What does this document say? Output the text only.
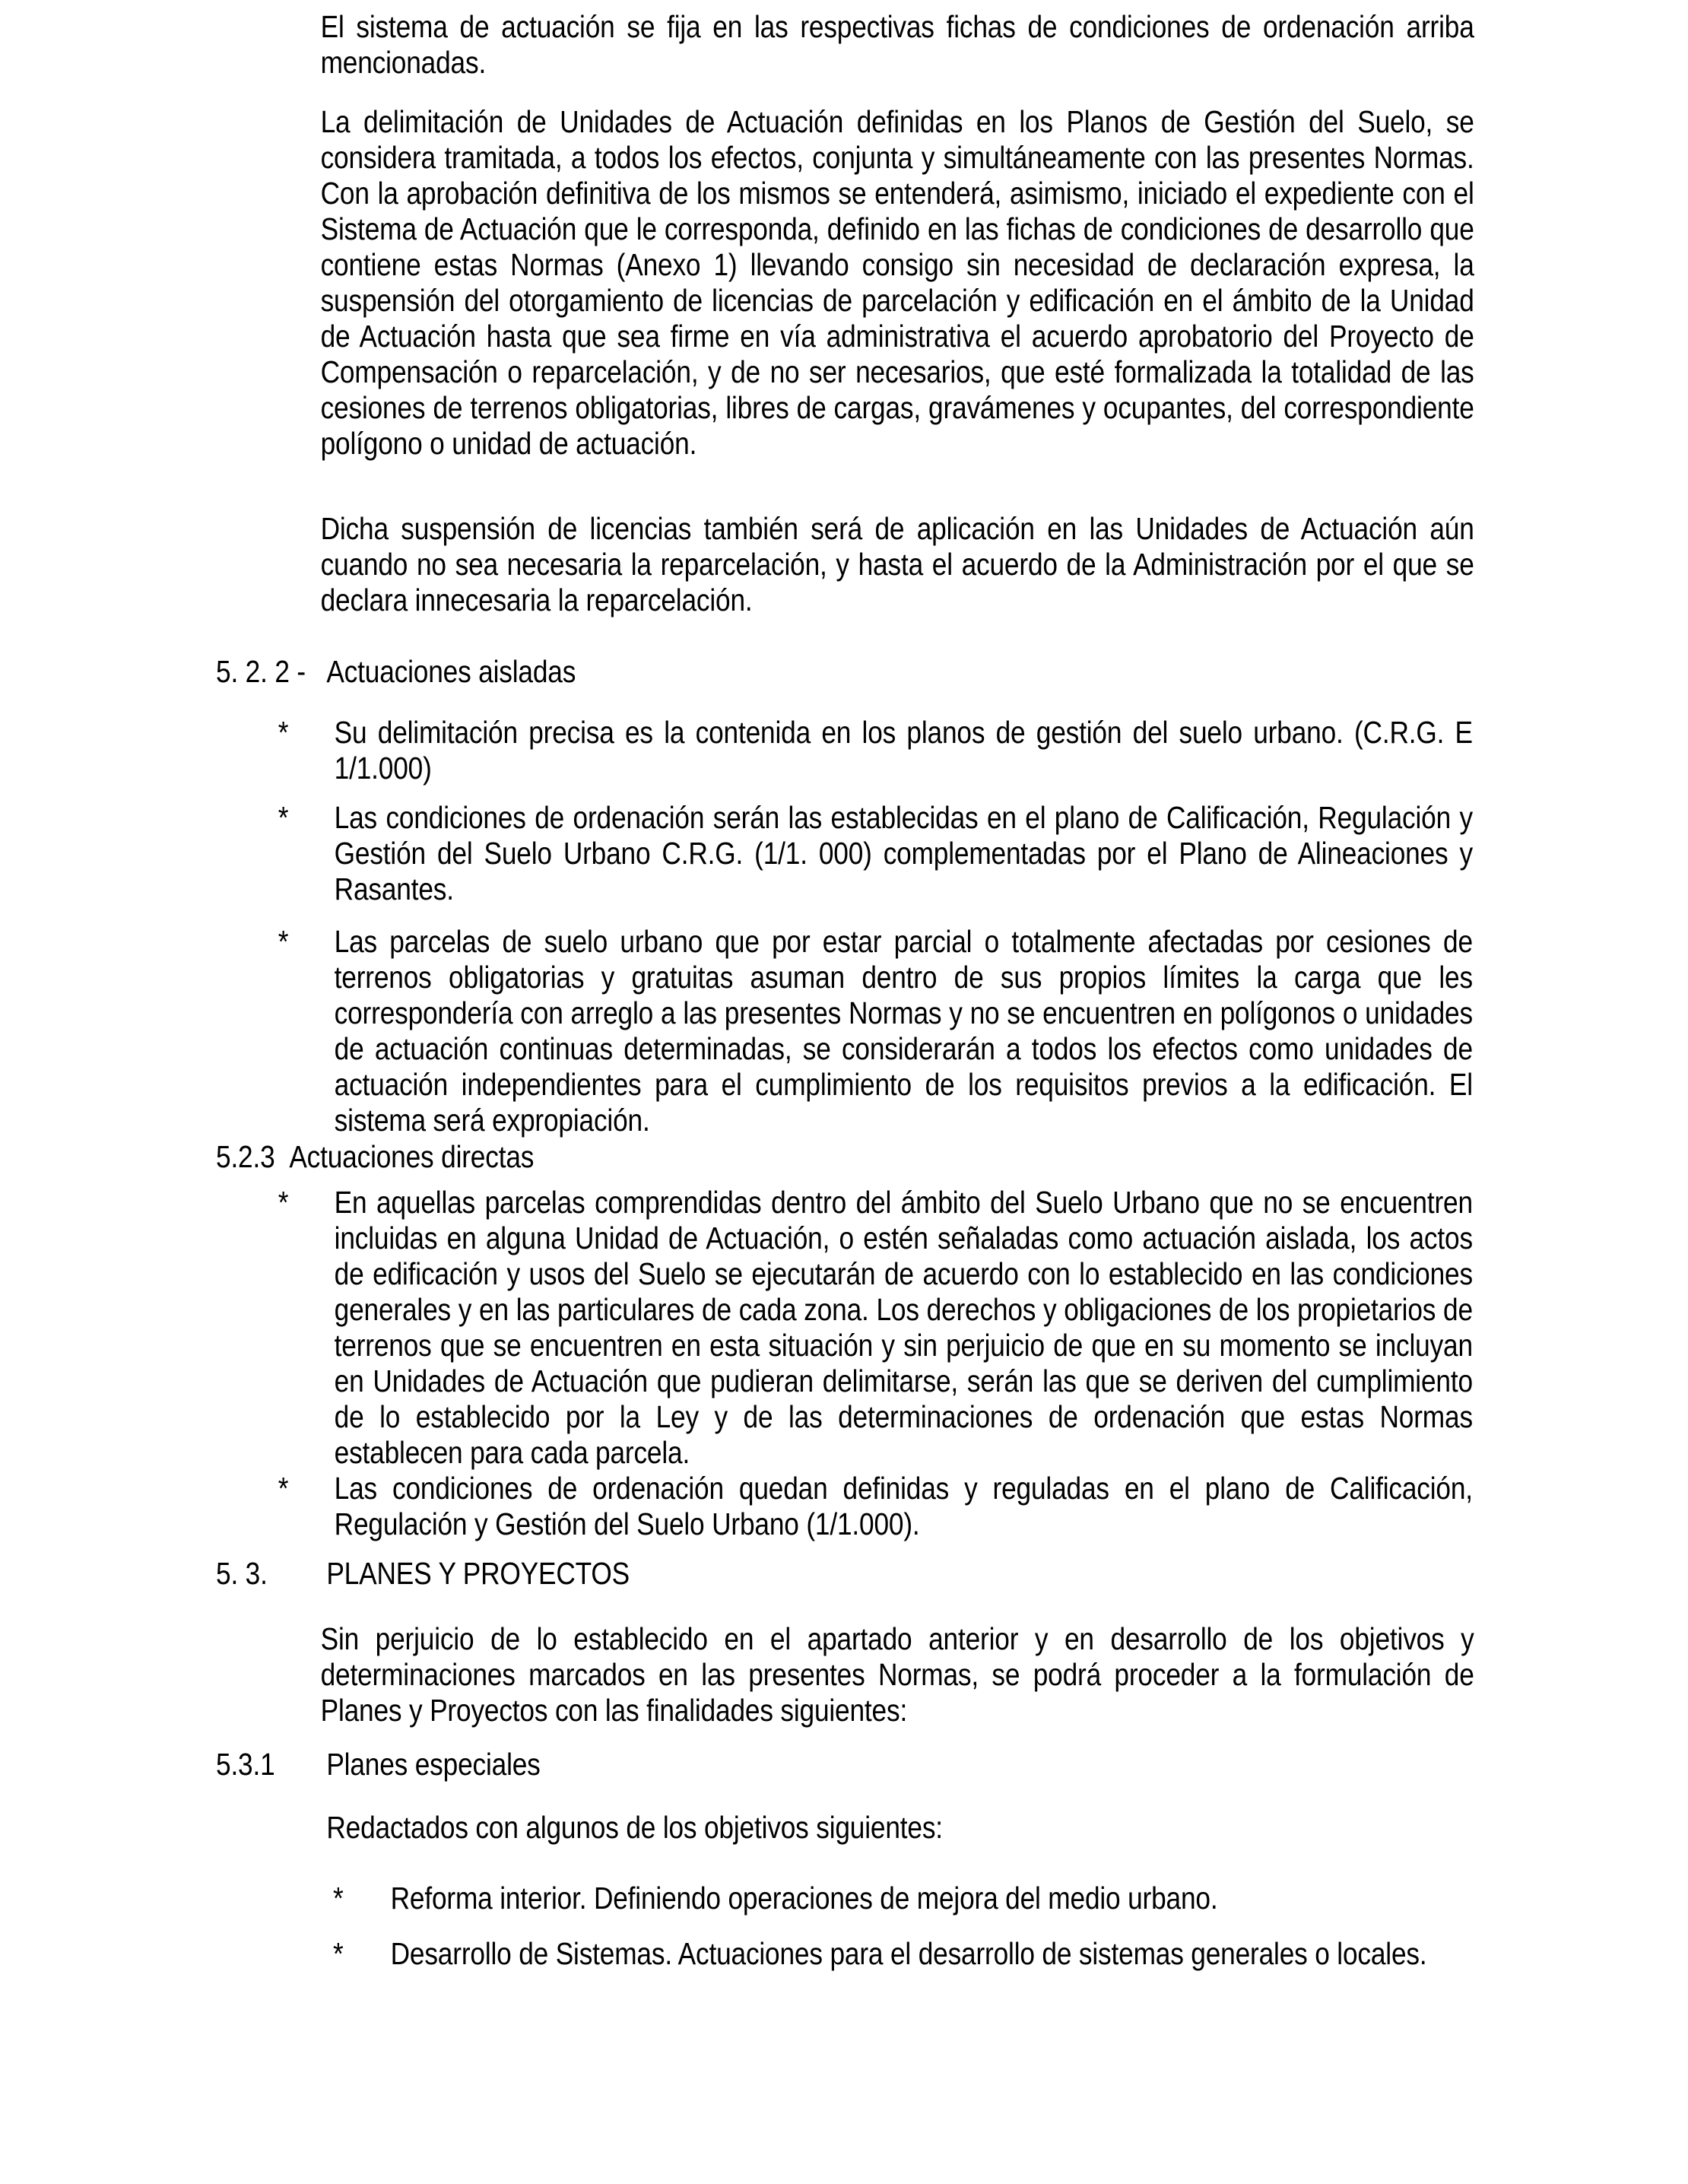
El sistema de actuación se fija en las respectivas fichas de condiciones de ordenación arriba mencionadas.
La delimitación de Unidades de Actuación definidas en los Planos de Gestión del Suelo, se considera tramitada, a todos los efectos, conjunta y simultáneamente con las presentes Normas. Con la aprobación definitiva de los mismos se entenderá, asimismo, iniciado el expediente con el Sistema de Actuación que le corresponda, definido en las fichas de condiciones de desarrollo que contiene estas Normas (Anexo 1) llevando consigo sin necesidad de declaración expresa, la suspensión del otorgamiento de licencias de parcelación y edificación en el ámbito de la Unidad de Actuación hasta que sea firme en vía administrativa el acuerdo aprobatorio del Proyecto de Compensación o reparcelación, y de no ser necesarios, que esté formalizada la totalidad de las cesiones de terrenos obligatorias, libres de cargas, gravámenes y ocupantes, del correspondiente polígono o unidad de actuación.
Dicha suspensión de licencias también será de aplicación en las Unidades de Actuación aún cuando no sea necesaria la reparcelación, y hasta el acuerdo de la Administración por el que se declara innecesaria la reparcelación.
5. 2. 2 - Actuaciones aisladas
* Su delimitación precisa es la contenida en los planos de gestión del suelo urbano. (C.R.G. E 1/1.000)
* Las condiciones de ordenación serán las establecidas en el plano de Calificación, Regulación y Gestión del Suelo Urbano C.R.G. (1/1. 000) complementadas por el Plano de Alineaciones y Rasantes.
* Las parcelas de suelo urbano que por estar parcial o totalmente afectadas por cesiones de terrenos obligatorias y gratuitas asuman dentro de sus propios límites la carga que les correspondería con arreglo a las presentes Normas y no se encuentren en polígonos o unidades de actuación continuas determinadas, se considerarán a todos los efectos como unidades de actuación independientes para el cumplimiento de los requisitos previos a la edificación. El sistema será expropiación.
5.2.3 Actuaciones directas
* En aquellas parcelas comprendidas dentro del ámbito del Suelo Urbano que no se encuentren incluidas en alguna Unidad de Actuación, o estén señaladas como actuación aislada, los actos de edificación y usos del Suelo se ejecutarán de acuerdo con lo establecido en las condiciones generales y en las particulares de cada zona. Los derechos y obligaciones de los propietarios de terrenos que se encuentren en esta situación y sin perjuicio de que en su momento se incluyan en Unidades de Actuación que pudieran delimitarse, serán las que se deriven del cumplimiento de lo establecido por la Ley y de las determinaciones de ordenación que estas Normas establecen para cada parcela.
* Las condiciones de ordenación quedan definidas y reguladas en el plano de Calificación, Regulación y Gestión del Suelo Urbano (1/1.000).
5. 3. PLANES Y PROYECTOS
Sin perjuicio de lo establecido en el apartado anterior y en desarrollo de los objetivos y determinaciones marcados en las presentes Normas, se podrá proceder a la formulación de Planes y Proyectos con las finalidades siguientes:
5.3.1 Planes especiales
Redactados con algunos de los objetivos siguientes:
* Reforma interior. Definiendo operaciones de mejora del medio urbano.
* Desarrollo de Sistemas. Actuaciones para el desarrollo de sistemas generales o locales.
